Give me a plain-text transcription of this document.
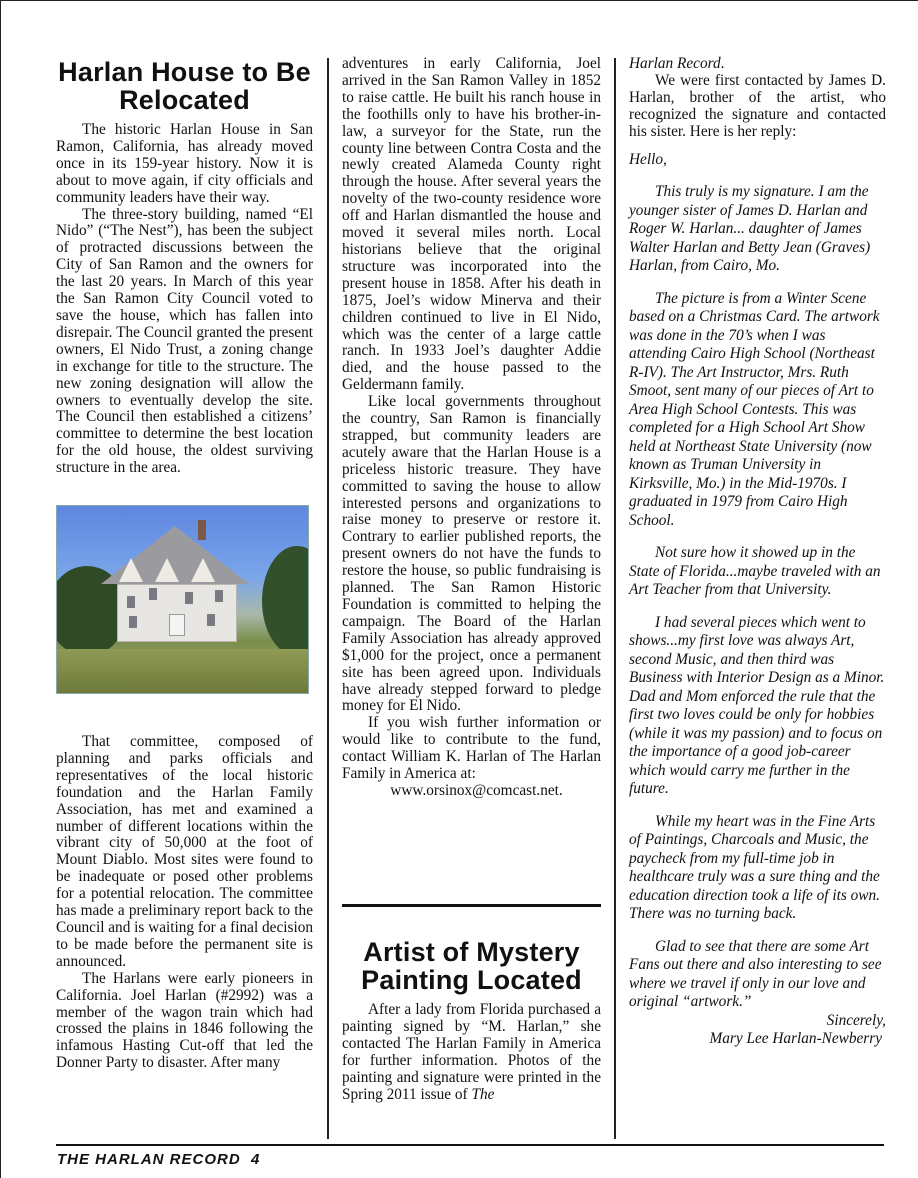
Harlan House to Be Relocated

The historic Harlan House in San Ramon, California, has already moved once in its 159-year history. Now it is about to move again, if city officials and community leaders have their way.

The three-story building, named “El Nido” (“The Nest”), has been the subject of protracted discussions between the City of San Ramon and the owners for the last 20 years. In March of this year the San Ramon City Council voted to save the house, which has fallen into disrepair. The Council granted the present owners, El Nido Trust, a zoning change in exchange for title to the structure. The new zoning designation will allow the owners to eventually develop the site. The Council then established a citizens’ committee to determine the best location for the old house, the oldest surviving structure in the area.

That committee, composed of planning and parks officials and representatives of the local historic foundation and the Harlan Family Association, has met and examined a number of different locations within the vibrant city of 50,000 at the foot of Mount Diablo. Most sites were found to be inadequate or posed other problems for a potential relocation. The committee has made a preliminary report back to the Council and is waiting for a final decision to be made before the permanent site is announced.

The Harlans were early pioneers in California. Joel Harlan (#2992) was a member of the wagon train which had crossed the plains in 1846 following the infamous Hasting Cut-off that led the Donner Party to disaster. After many

adventures in early California, Joel arrived in the San Ramon Valley in 1852 to raise cattle. He built his ranch house in the foothills only to have his brother-in-law, a surveyor for the State, run the county line between Contra Costa and the newly created Alameda County right through the house. After several years the novelty of the two-county residence wore off and Harlan dismantled the house and moved it several miles north. Local historians believe that the original structure was incorporated into the present house in 1858. After his death in 1875, Joel’s widow Minerva and their children continued to live in El Nido, which was the center of a large cattle ranch. In 1933 Joel’s daughter Addie died, and the house passed to the Geldermann family.

Like local governments throughout the country, San Ramon is financially strapped, but community leaders are acutely aware that the Harlan House is a priceless historic treasure. They have committed to saving the house to allow interested persons and organizations to raise money to preserve or restore it. Contrary to earlier published reports, the present owners do not have the funds to restore the house, so public fundraising is planned. The San Ramon Historic Foundation is committed to helping the campaign. The Board of the Harlan Family Association has already approved $1,000 for the project, once a permanent site has been agreed upon. Individuals have already stepped forward to pledge money for El Nido.

If you wish further information or would like to contribute to the fund, contact William K. Harlan of The Harlan Family in America at:

www.orsinox@comcast.net.

Artist of Mystery Painting Located

After a lady from Florida purchased a painting signed by “M. Harlan,” she contacted The Harlan Family in America for further information. Photos of the painting and signature were printed in the Spring 2011 issue of The

Harlan Record.

We were first contacted by James D. Harlan, brother of the artist, who recognized the signature and contacted his sister. Here is her reply:

Hello,

This truly is my signature. I am the younger sister of James D. Harlan and Roger W. Harlan... daughter of James Walter Harlan and Betty Jean (Graves) Harlan, from Cairo, Mo.

The picture is from a Winter Scene based on a Christmas Card. The artwork was done in the 70’s when I was attending Cairo High School (Northeast R-IV). The Art Instructor, Mrs. Ruth Smoot, sent many of our pieces of Art to Area High School Contests. This was completed for a High School Art Show held at Northeast State University (now known as Truman University in Kirksville, Mo.) in the Mid-1970s. I graduated in 1979 from Cairo High School.

Not sure how it showed up in the State of Florida...maybe traveled with an Art Teacher from that University.

I had several pieces which went to shows...my first love was always Art, second Music, and then third was Business with Interior Design as a Minor. Dad and Mom enforced the rule that the first two loves could be only for hobbies (while it was my passion) and to focus on the importance of a good job-career which would carry me further in the future.

While my heart was in the Fine Arts of Paintings, Charcoals and Music, the paycheck from my full-time job in healthcare truly was a sure thing and the education direction took a life of its own. There was no turning back.

Glad to see that there are some Art Fans out there and also interesting to see where we travel if only in our love and original “artwork.”

Sincerely,

Mary Lee Harlan-Newberry

THE HARLAN RECORD 4
